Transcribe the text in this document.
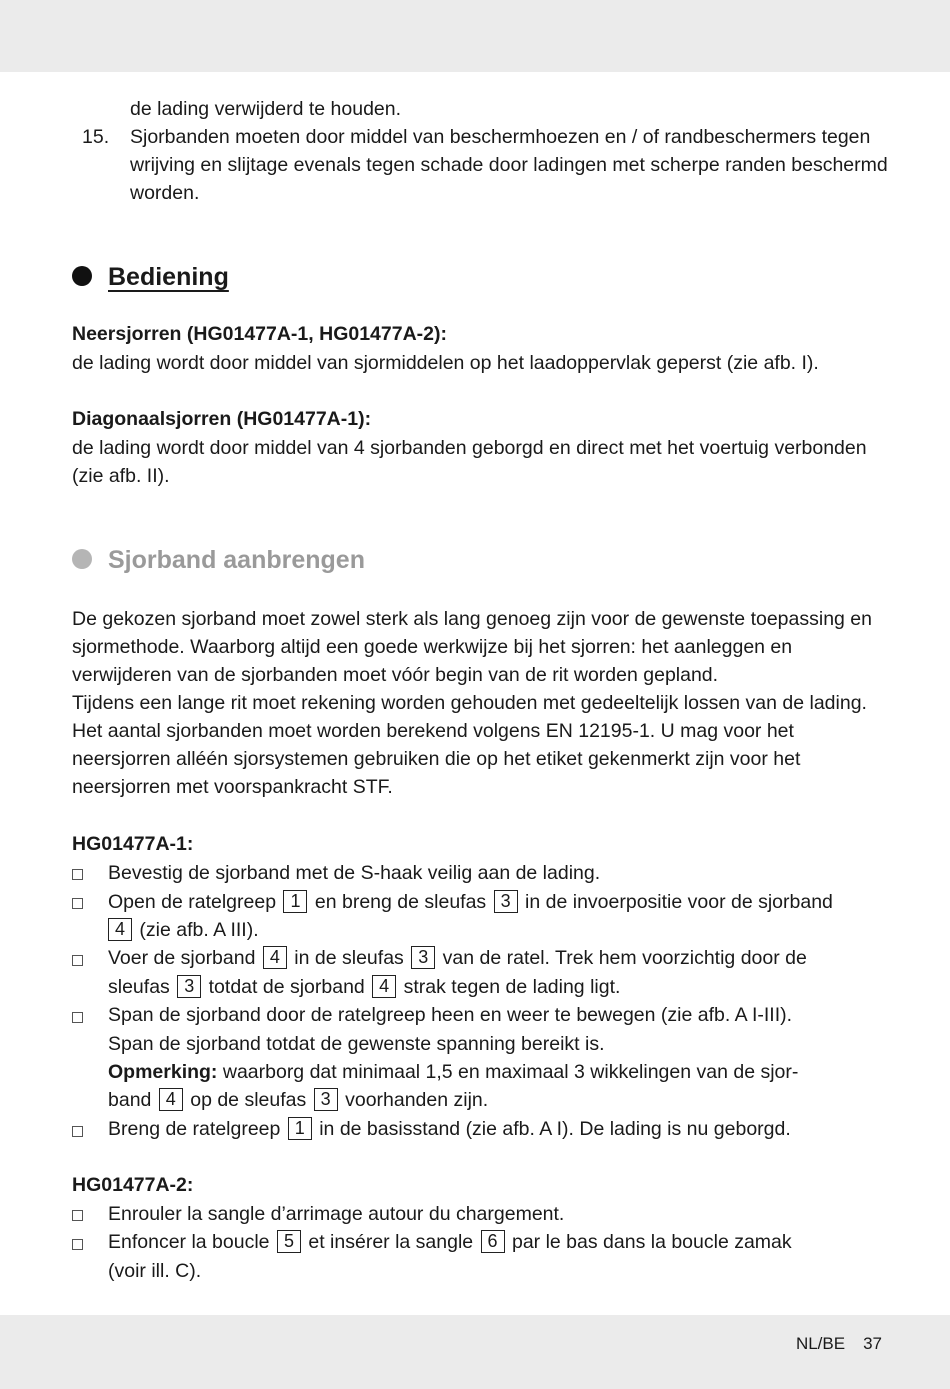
de lading verwijderd te houden.
15. Sjorbanden moeten door middel van beschermhoezen en / of randbeschermers tegen
wrijving en slijtage evenals tegen schade door ladingen met scherpe randen beschermd
worden.
Bediening
Neersjorren (HG01477A-1, HG01477A-2):
de lading wordt door middel van sjormiddelen op het laadoppervlak geperst (zie afb. I).
Diagonaalsjorren (HG01477A-1):
de lading wordt door middel van 4 sjorbanden geborgd en direct met het voertuig verbonden
(zie afb. II).
Sjorband aanbrengen
De gekozen sjorband moet zowel sterk als lang genoeg zijn voor de gewenste toepassing en
sjormethode. Waarborg altijd een goede werkwijze bij het sjorren: het aanleggen en
verwijderen van de sjorbanden moet vóór begin van de rit worden gepland.
Tijdens een lange rit moet rekening worden gehouden met gedeeltelijk lossen van de lading.
Het aantal sjorbanden moet worden berekend volgens EN 12195-1. U mag voor het
neersjorren alléén sjorsystemen gebruiken die op het etiket gekenmerkt zijn voor het
neersjorren met voorspankracht STF.
HG01477A-1:
Bevestig de sjorband met de S-haak veilig aan de lading.
Open de ratelgreep 1 en breng de sleufas 3 in de invoerpositie voor de sjorband
4 (zie afb. A III).
Voer de sjorband 4 in de sleufas 3 van de ratel. Trek hem voorzichtig door de
sleufas 3 totdat de sjorband 4 strak tegen de lading ligt.
Span de sjorband door de ratelgreep heen en weer te bewegen (zie afb. A I-III).
Span de sjorband totdat de gewenste spanning bereikt is.
Opmerking: waarborg dat minimaal 1,5 en maximaal 3 wikkelingen van de sjor-
band 4 op de sleufas 3 voorhanden zijn.
Breng de ratelgreep 1 in de basisstand (zie afb. A I). De lading is nu geborgd.
HG01477A-2:
Enrouler la sangle d’arrimage autour du chargement.
Enfoncer la boucle 5 et insérer la sangle 6 par le bas dans la boucle zamak
(voir ill. C).
NL/BE 37
